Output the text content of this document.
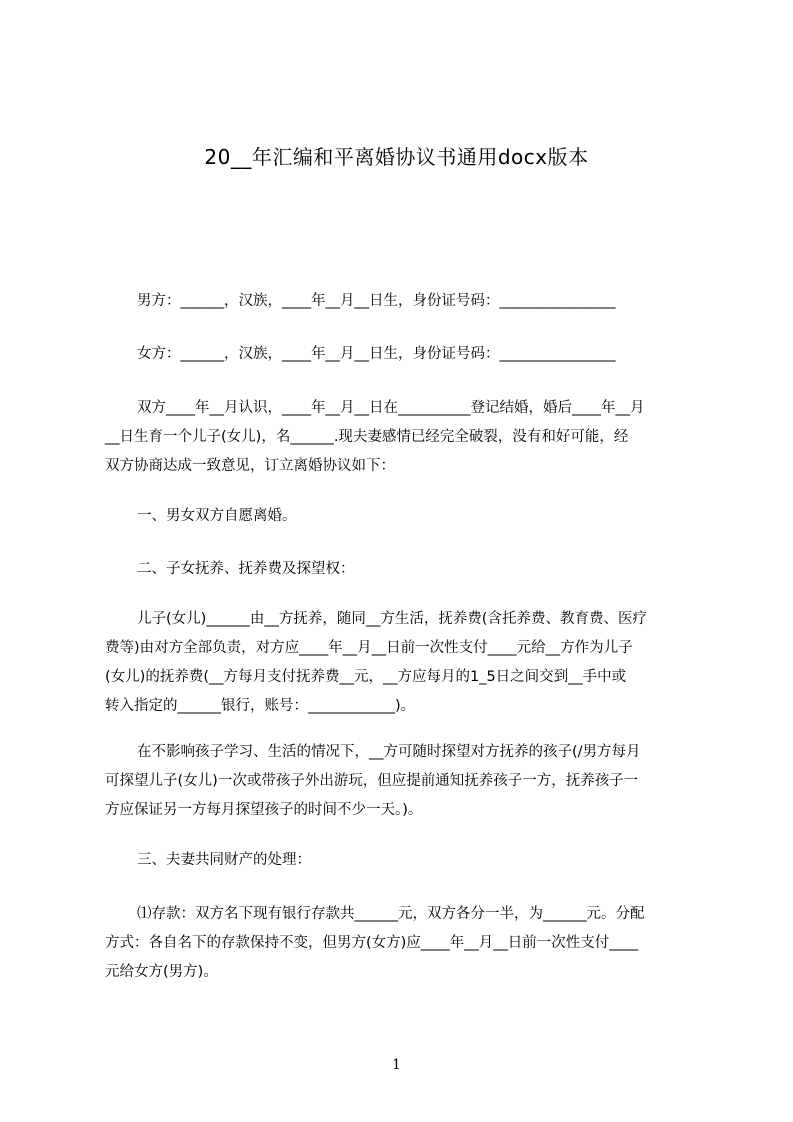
20__年汇编和平离婚协议书通用docx版本
男方：______，汉族，____年__月__日生，身份证号码：________________
女方：______，汉族，____年__月__日生，身份证号码：________________
双方____年__月认识，____年__月__日在__________登记结婚，婚后____年__月
__日生育一个儿子(女儿)，名______.现夫妻感情已经完全破裂，没有和好可能，经
双方协商达成一致意见，订立离婚协议如下：
一、男女双方自愿离婚。
二、子女抚养、抚养费及探望权：
儿子(女儿)______由__方抚养，随同__方生活，抚养费(含托养费、教育费、医疗
费等)由对方全部负责，对方应____年__月__日前一次性支付____元给__方作为儿子
(女儿)的抚养费(__方每月支付抚养费__元，__方应每月的1_5日之间交到__手中或
转入指定的______银行，账号：____________)。
在不影响孩子学习、生活的情况下，__方可随时探望对方抚养的孩子(/男方每月
可探望儿子(女儿)一次或带孩子外出游玩，但应提前通知抚养孩子一方，抚养孩子一
方应保证另一方每月探望孩子的时间不少一天。)。
三、夫妻共同财产的处理：
⑴存款：双方名下现有银行存款共______元，双方各分一半，为______元。分配
方式：各自名下的存款保持不变，但男方(女方)应____年__月__日前一次性支付____
元给女方(男方)。
1
